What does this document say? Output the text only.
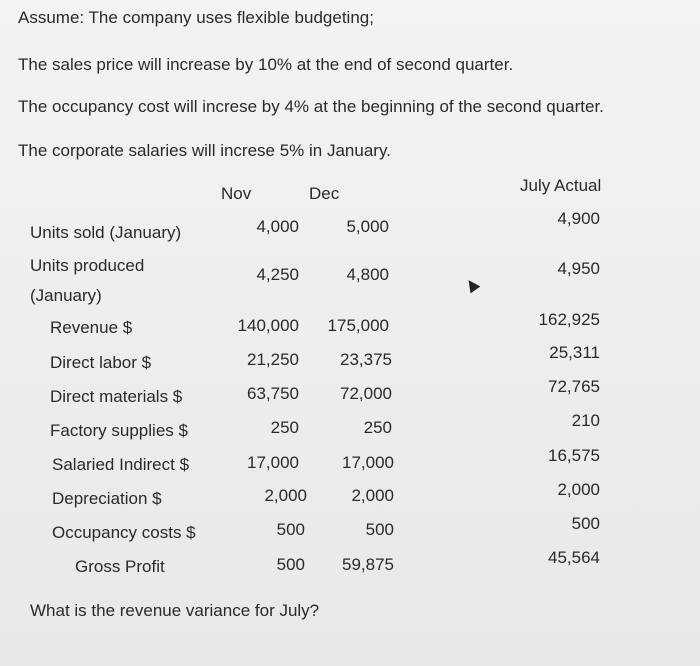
Assume: The company uses flexible budgeting;
The sales price will increase by 10% at the end of second quarter.
The occupancy cost will increse by 4% at the beginning of the second quarter.
The corporate salaries will increse 5% in January.
Nov	Dec	July Actual
Units sold (January)
Units produced
(January)
Revenue $
Direct labor $
Direct materials $
Factory supplies $
Salaried Indirect $
Depreciation $
Occupancy costs $
Gross Profit
4,000
4,250
140,000
21,250
63,750
250
17,000
2,000
500
500
5,000
4,800
175,000
23,375
72,000
250
17,000
2,000
500
59,875
4,900
4,950
162,925
25,311
72,765
210
16,575
2,000
500
45,564
What is the revenue variance for July?
